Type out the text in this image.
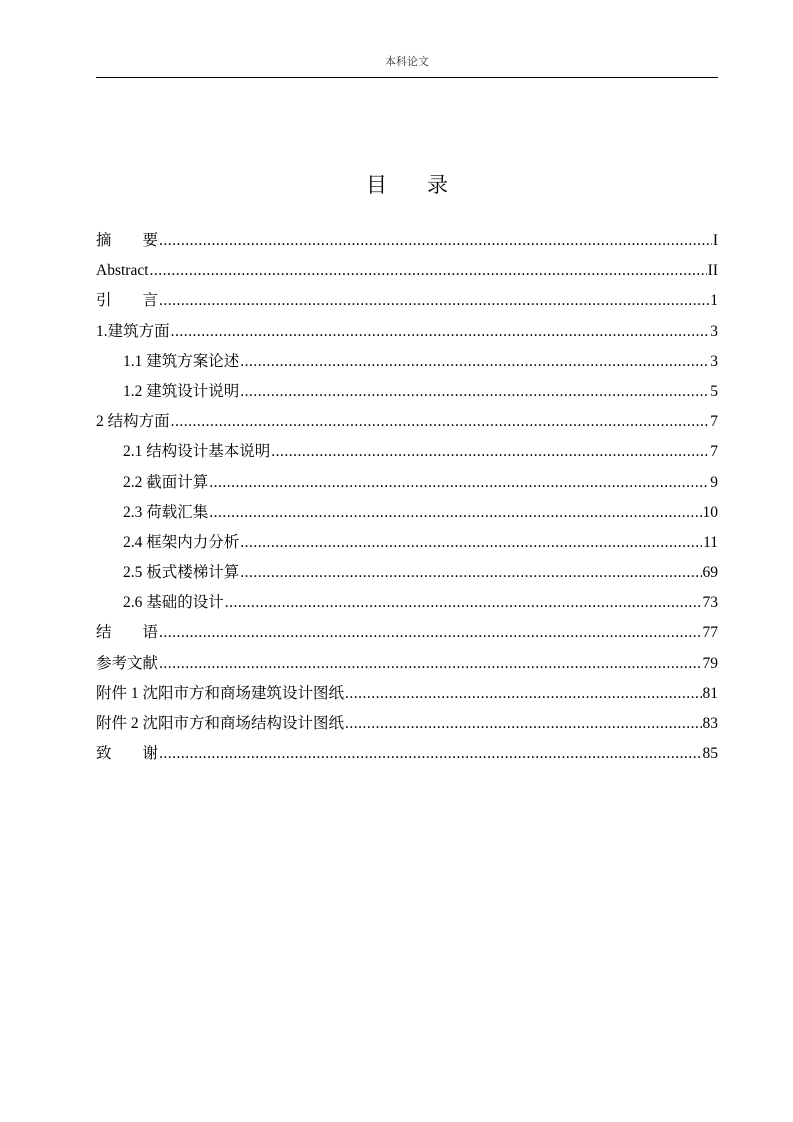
本科论文
目 录
摘　　要 .....	I
Abstract .....	II
引　　言 .....	1
1.建筑方面 .....	3
1.1 建筑方案论述 .....	3
1.2 建筑设计说明 .....	5
2 结构方面 .....	7
2.1 结构设计基本说明 .....	7
2.2 截面计算 .....	9
2.3 荷载汇集 .....	10
2.4 框架内力分析 .....	11
2.5 板式楼梯计算 .....	69
2.6 基础的设计 .....	73
结　　语 .....	77
参考文献 .....	79
附件 1 沈阳市方和商场建筑设计图纸 .....	81
附件 2 沈阳市方和商场结构设计图纸 .....	83
致　　谢 .....	85
